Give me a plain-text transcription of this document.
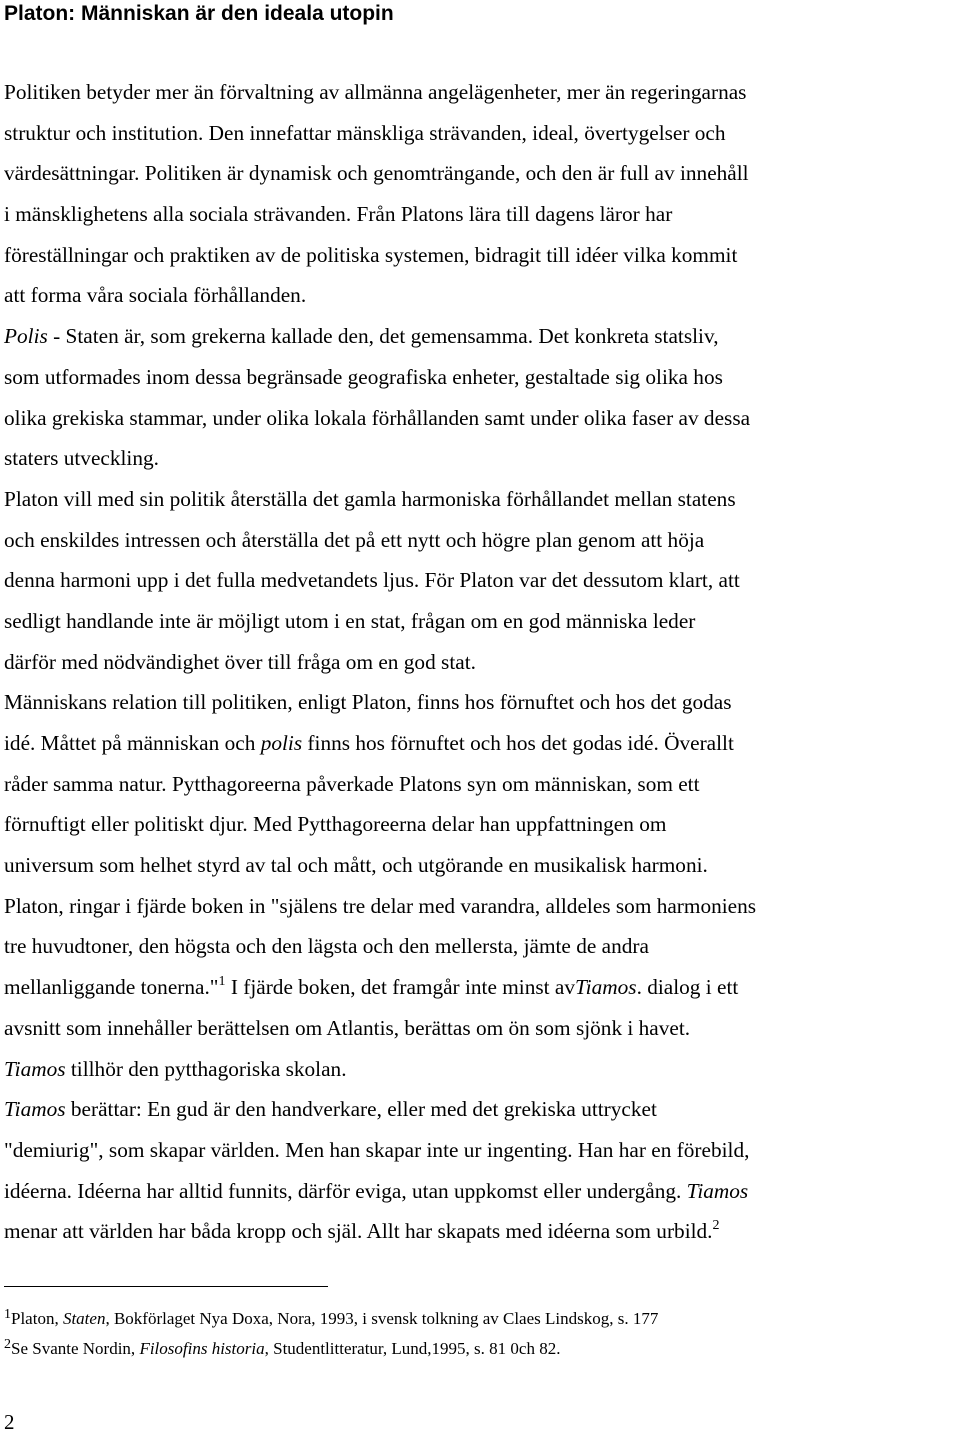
Platon: Människan är den ideala utopin
Politiken betyder mer än förvaltning av allmänna angelägenheter, mer än regeringarnas
struktur och institution. Den innefattar mänskliga strävanden, ideal, övertygelser och
värdesättningar. Politiken är dynamisk och genomträngande, och den är full av innehåll
i mänsklighetens alla sociala strävanden. Från Platons lära till dagens läror har
föreställningar och praktiken av de politiska systemen, bidragit till idéer vilka kommit
att forma våra sociala förhållanden.
Polis - Staten är, som grekerna kallade den, det gemensamma. Det konkreta statsliv,
som utformades inom dessa begränsade geografiska enheter, gestaltade sig olika hos
olika grekiska stammar, under olika lokala förhållanden samt under olika faser av dessa
staters utveckling.
Platon vill med sin politik återställa det gamla harmoniska förhållandet mellan statens
och enskildes intressen och återställa det på ett nytt och högre plan genom att höja
denna harmoni upp i det fulla medvetandets ljus. För Platon var det dessutom klart, att
sedligt handlande inte är möjligt utom i en stat, frågan om en god människa leder
därför med nödvändighet över till fråga om en god stat.
Människans relation till politiken, enligt Platon, finns hos förnuftet och hos det godas
idé. Måttet på människan och polis finns hos förnuftet och hos det godas idé. Överallt
råder samma natur. Pytthagoreerna påverkade Platons syn om människan, som ett
förnuftigt eller politiskt djur. Med Pytthagoreerna delar han uppfattningen om
universum som helhet styrd av tal och mått, och utgörande en musikalisk harmoni.
Platon, ringar i fjärde boken in "själens tre delar med varandra, alldeles som harmoniens
tre huvudtoner, den högsta och den lägsta och den mellersta, jämte de andra
mellanliggande tonerna."$^1$ I fjärde boken, det framgår inte minst avTiamos. dialog i ett
avsnitt som innehåller berättelsen om Atlantis, berättas om ön som sjönk i havet.
Tiamos tillhör den pytthagoriska skolan.
Tiamos berättar: En gud är den handverkare, eller med det grekiska uttrycket
"demiurig", som skapar världen. Men han skapar inte ur ingenting. Han har en förebild,
idéerna. Idéerna har alltid funnits, därför eviga, utan uppkomst eller undergång. Tiamos
menar att världen har båda kropp och själ. Allt har skapats med idéerna som urbild.$^2$
$^1$Platon, Staten, Bokförlaget Nya Doxa, Nora, 1993, i svensk tolkning av Claes Lindskog, s. 177
$^2$Se Svante Nordin, Filosofins historia, Studentlitteratur, Lund,1995, s. 81 0ch 82.
2
